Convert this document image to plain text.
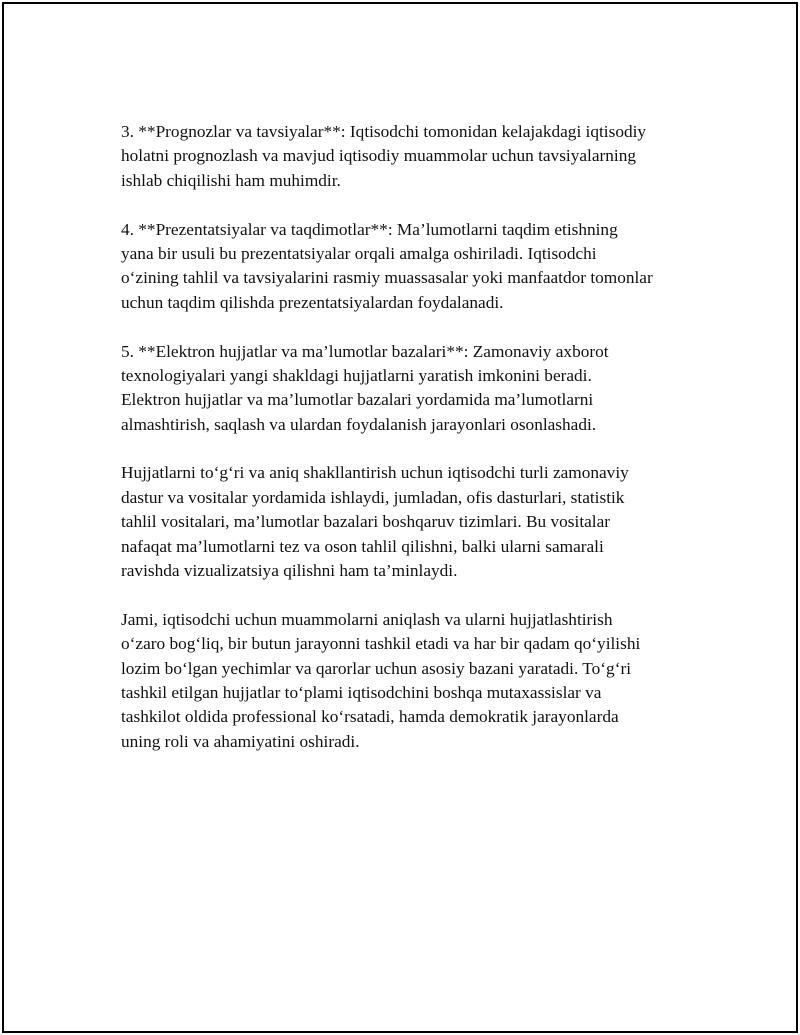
3. **Prognozlar va tavsiyalar**: Iqtisodchi tomonidan kelajakdagi iqtisodiy
holatni prognozlash va mavjud iqtisodiy muammolar uchun tavsiyalarning
ishlab chiqilishi ham muhimdir.
4. **Prezentatsiyalar va taqdimotlar**: Ma’lumotlarni taqdim etishning
yana bir usuli bu prezentatsiyalar orqali amalga oshiriladi. Iqtisodchi
o‘zining tahlil va tavsiyalarini rasmiy muassasalar yoki manfaatdor tomonlar
uchun taqdim qilishda prezentatsiyalardan foydalanadi.
5. **Elektron hujjatlar va ma’lumotlar bazalari**: Zamonaviy axborot
texnologiyalari yangi shakldagi hujjatlarni yaratish imkonini beradi.
Elektron hujjatlar va ma’lumotlar bazalari yordamida ma’lumotlarni
almashtirish, saqlash va ulardan foydalanish jarayonlari osonlashadi.
Hujjatlarni to‘g‘ri va aniq shakllantirish uchun iqtisodchi turli zamonaviy
dastur va vositalar yordamida ishlaydi, jumladan, ofis dasturlari, statistik
tahlil vositalari, ma’lumotlar bazalari boshqaruv tizimlari. Bu vositalar
nafaqat ma’lumotlarni tez va oson tahlil qilishni, balki ularni samarali
ravishda vizualizatsiya qilishni ham ta’minlaydi.
Jami, iqtisodchi uchun muammolarni aniqlash va ularni hujjatlashtirish
o‘zaro bog‘liq, bir butun jarayonni tashkil etadi va har bir qadam qo‘yilishi
lozim bo‘lgan yechimlar va qarorlar uchun asosiy bazani yaratadi. To‘g‘ri
tashkil etilgan hujjatlar to‘plami iqtisodchini boshqa mutaxassislar va
tashkilot oldida professional ko‘rsatadi, hamda demokratik jarayonlarda
uning roli va ahamiyatini oshiradi.
